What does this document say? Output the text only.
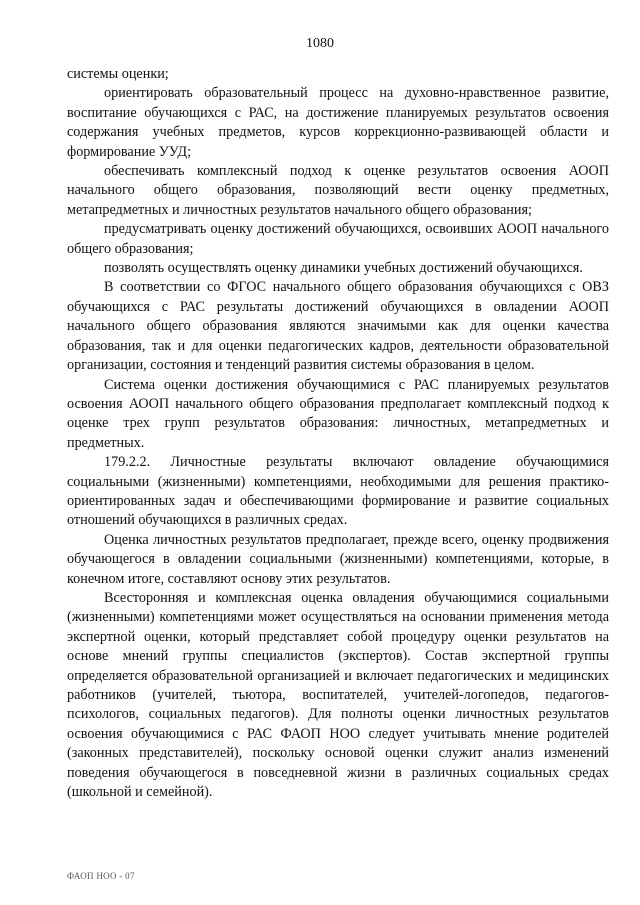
1080

системы оценки;

ориентировать образовательный процесс на духовно-нравственное развитие, воспитание обучающихся с РАС, на достижение планируемых результатов освоения содержания учебных предметов, курсов коррекционно-развивающей области и формирование УУД;

обеспечивать комплексный подход к оценке результатов освоения АООП начального общего образования, позволяющий вести оценку предметных, метапредметных и личностных результатов начального общего образования;

предусматривать оценку достижений обучающихся, освоивших АООП начального общего образования;

позволять осуществлять оценку динамики учебных достижений обучающихся.

В соответствии со ФГОС начального общего образования обучающихся с ОВЗ обучающихся с РАС результаты достижений обучающихся в овладении АООП начального общего образования являются значимыми как для оценки качества образования, так и для оценки педагогических кадров, деятельности образовательной организации, состояния и тенденций развития системы образования в целом.

Система оценки достижения обучающимися с РАС планируемых результатов освоения АООП начального общего образования предполагает комплексный подход к оценке трех групп результатов образования: личностных, метапредметных и предметных.

179.2.2. Личностные результаты включают овладение обучающимися социальными (жизненными) компетенциями, необходимыми для решения практико-ориентированных задач и обеспечивающими формирование и развитие социальных отношений обучающихся в различных средах.

Оценка личностных результатов предполагает, прежде всего, оценку продвижения обучающегося в овладении социальными (жизненными) компетенциями, которые, в конечном итоге, составляют основу этих результатов.

Всесторонняя и комплексная оценка овладения обучающимися социальными (жизненными) компетенциями может осуществляться на основании применения метода экспертной оценки, который представляет собой процедуру оценки результатов на основе мнений группы специалистов (экспертов). Состав экспертной группы определяется образовательной организацией и включает педагогических и медицинских работников (учителей, тьютора, воспитателей, учителей-логопедов, педагогов-психологов, социальных педагогов). Для полноты оценки личностных результатов освоения обучающимися с РАС ФАОП НОО следует учитывать мнение родителей (законных представителей), поскольку основой оценки служит анализ изменений поведения обучающегося в повседневной жизни в различных социальных средах (школьной и семейной).

ФАОП НОО - 07
